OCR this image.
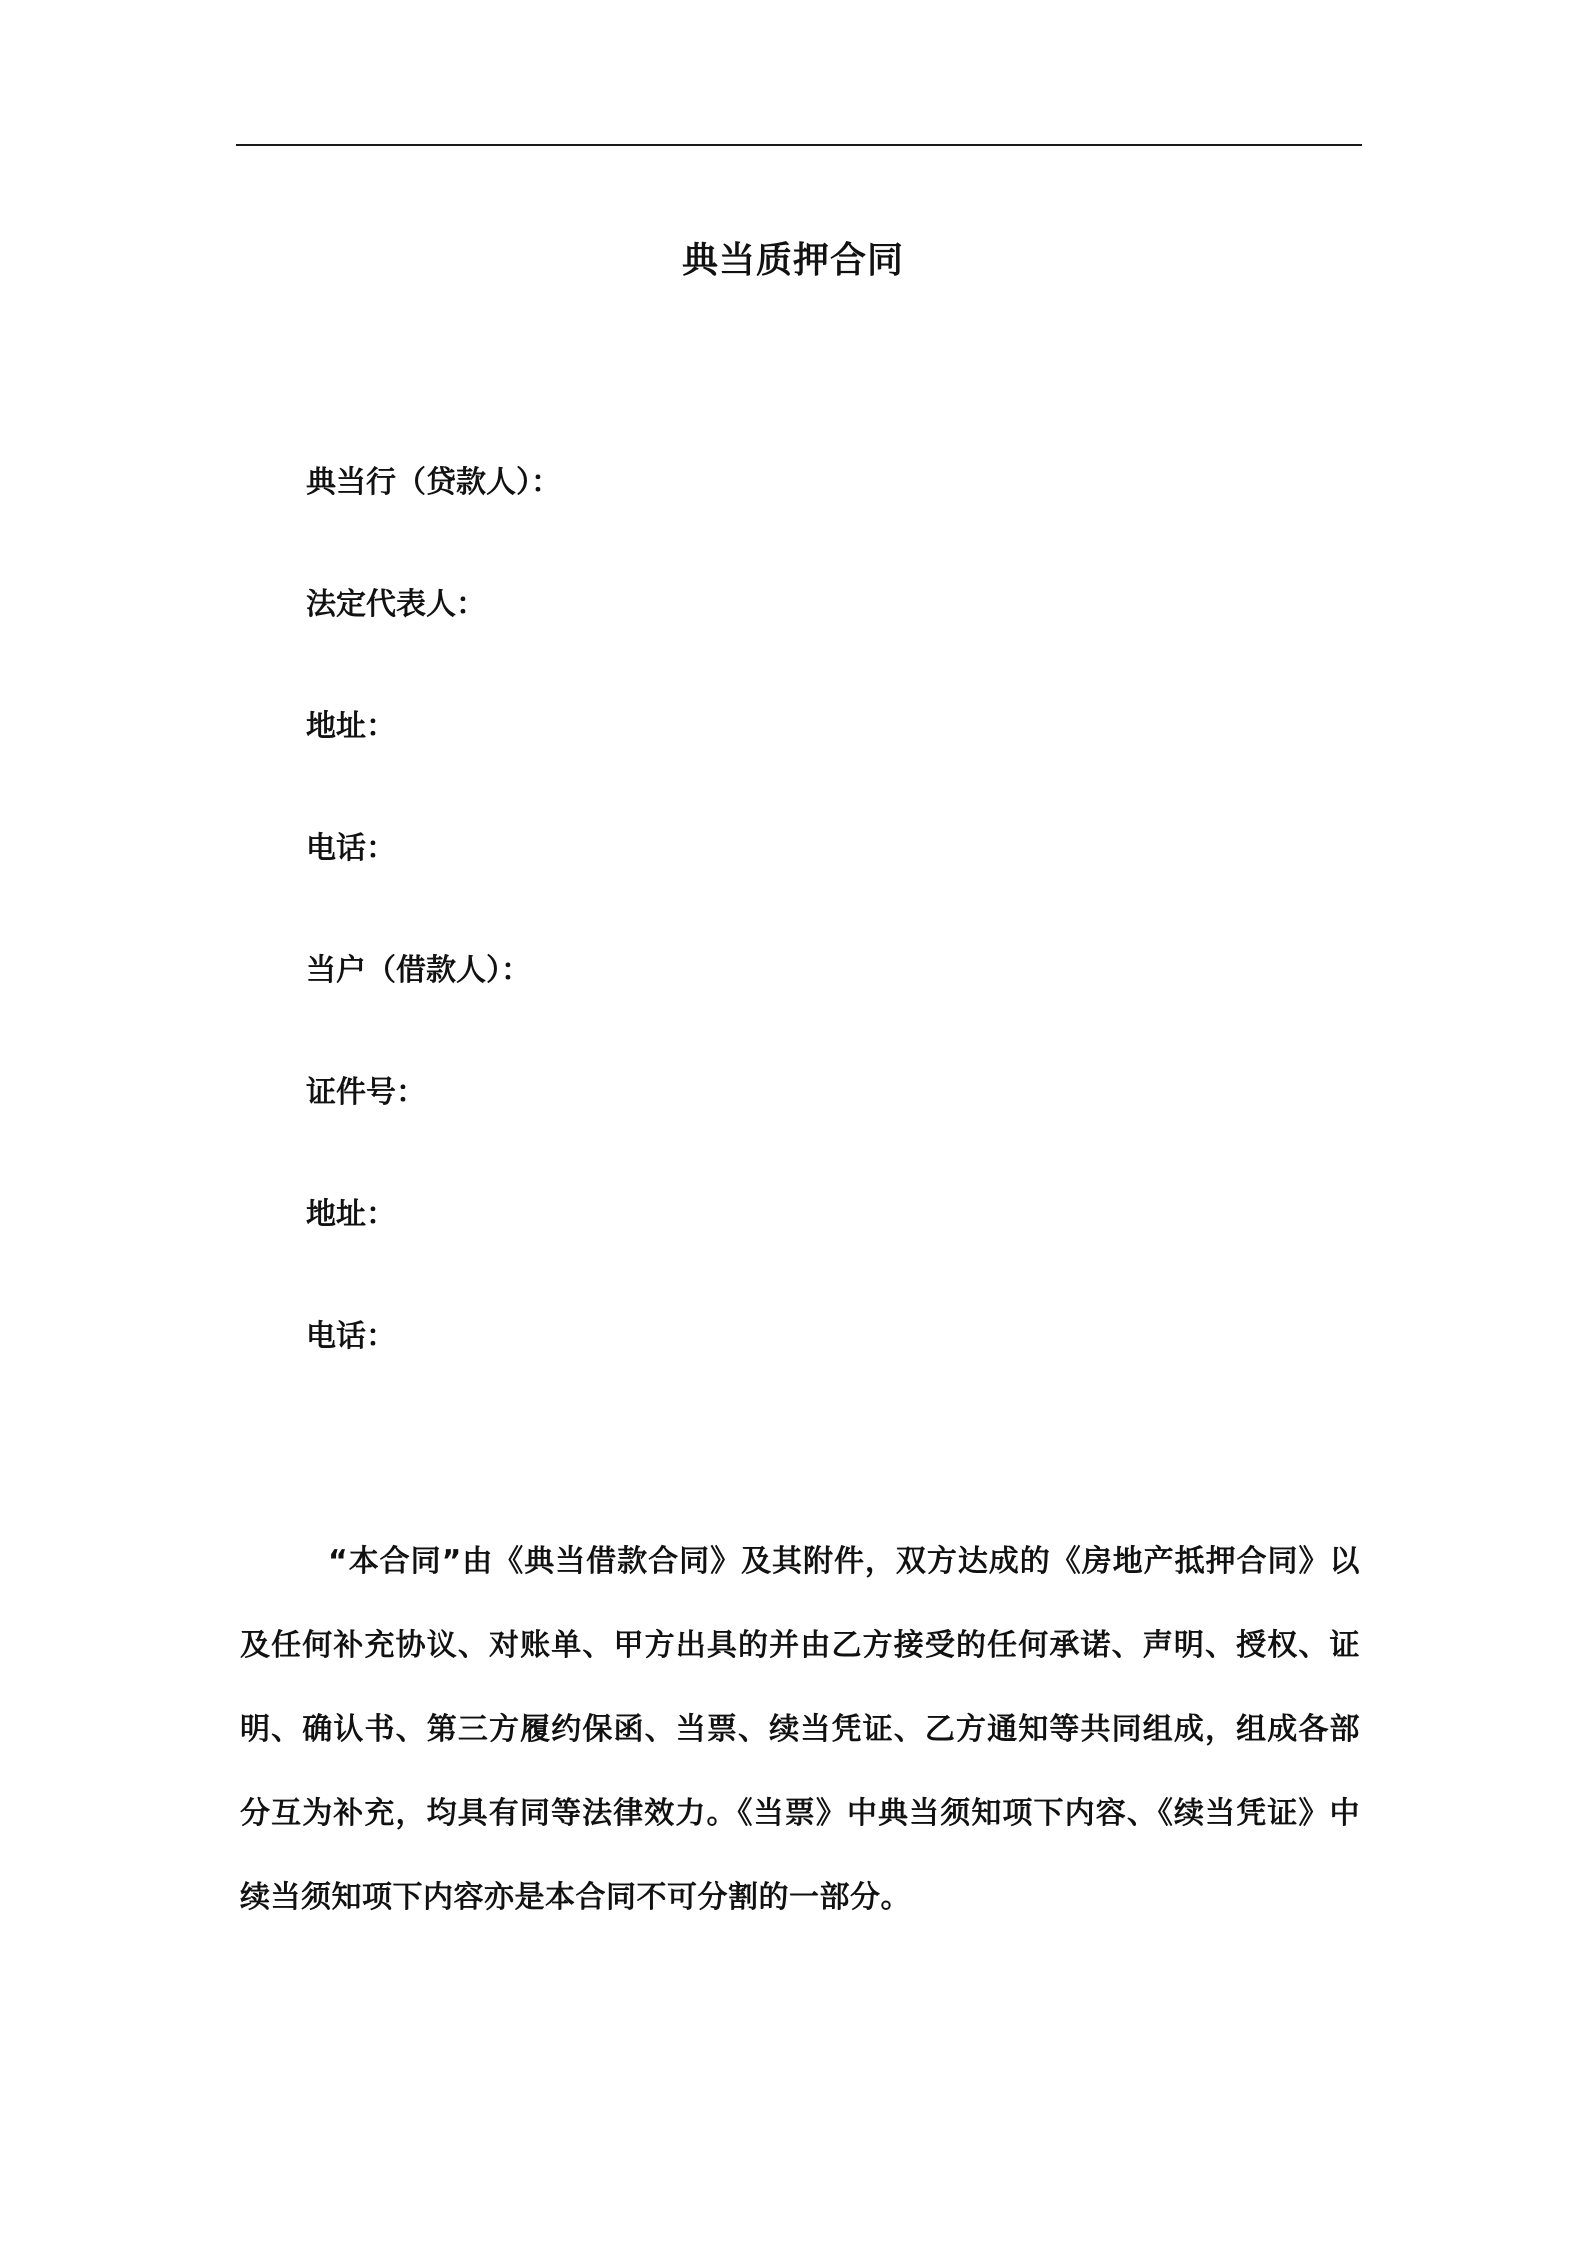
典当质押合同
典当行（贷款人）：
法定代表人：
地址：
电话：
当户（借款人）：
证件号：
地址：
电话：

“本合同”由《典当借款合同》及其附件，双方达成的《房地产抵押合同》以及任何补充协议、对账单、甲方出具的并由乙方接受的任何承诺、声明、授权、证明、确认书、第三方履约保函、当票、续当凭证、乙方通知等共同组成，组成各部分互为补充，均具有同等法律效力。《当票》中典当须知项下内容、《续当凭证》中续当须知项下内容亦是本合同不可分割的一部分。
